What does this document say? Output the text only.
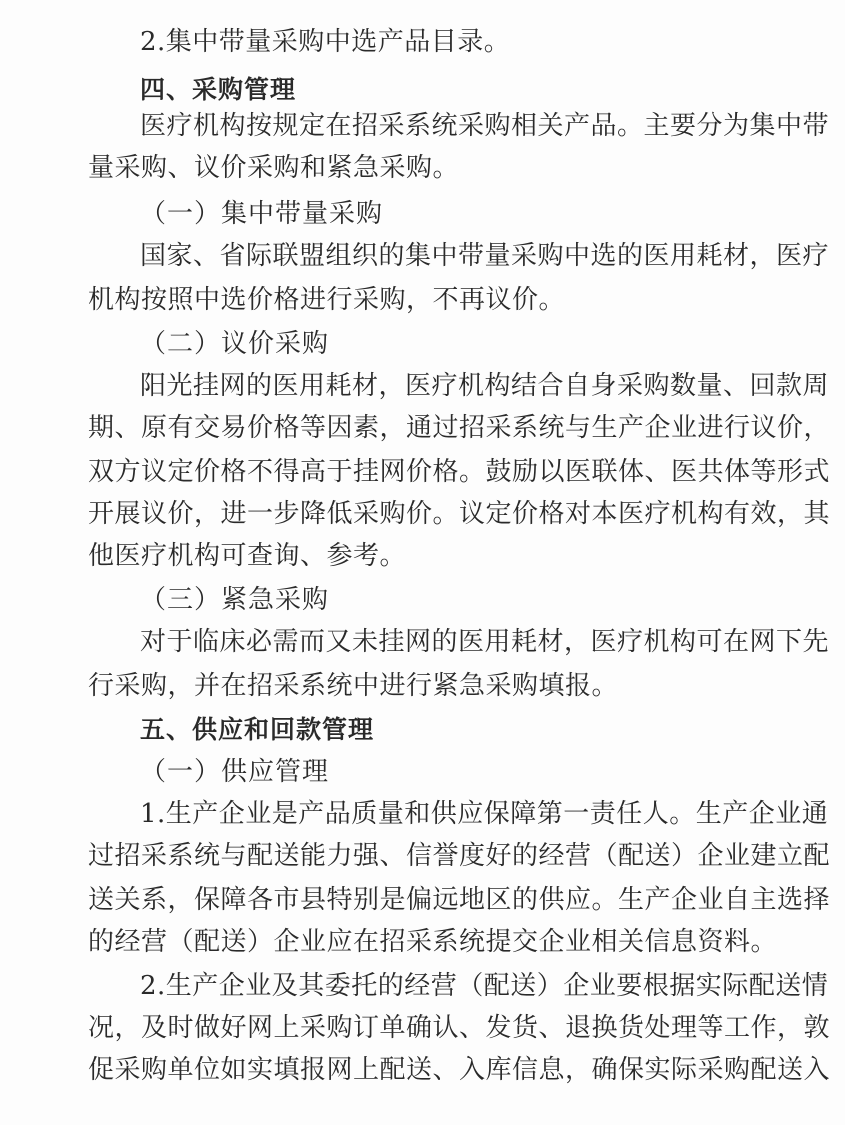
2.集中带量采购中选产品目录。
四、采购管理
医疗机构按规定在招采系统采购相关产品。主要分为集中带
量采购、议价采购和紧急采购。
（一）集中带量采购
国家、省际联盟组织的集中带量采购中选的医用耗材，医疗
机构按照中选价格进行采购，不再议价。
（二）议价采购
阳光挂网的医用耗材，医疗机构结合自身采购数量、回款周
期、原有交易价格等因素，通过招采系统与生产企业进行议价，
双方议定价格不得高于挂网价格。鼓励以医联体、医共体等形式
开展议价，进一步降低采购价。议定价格对本医疗机构有效，其
他医疗机构可查询、参考。
（三）紧急采购
对于临床必需而又未挂网的医用耗材，医疗机构可在网下先
行采购，并在招采系统中进行紧急采购填报。
五、供应和回款管理
（一）供应管理
1.生产企业是产品质量和供应保障第一责任人。生产企业通
过招采系统与配送能力强、信誉度好的经营（配送）企业建立配
送关系，保障各市县特别是偏远地区的供应。生产企业自主选择
的经营（配送）企业应在招采系统提交企业相关信息资料。
2.生产企业及其委托的经营（配送）企业要根据实际配送情
况，及时做好网上采购订单确认、发货、退换货处理等工作，敦
促采购单位如实填报网上配送、入库信息，确保实际采购配送入
